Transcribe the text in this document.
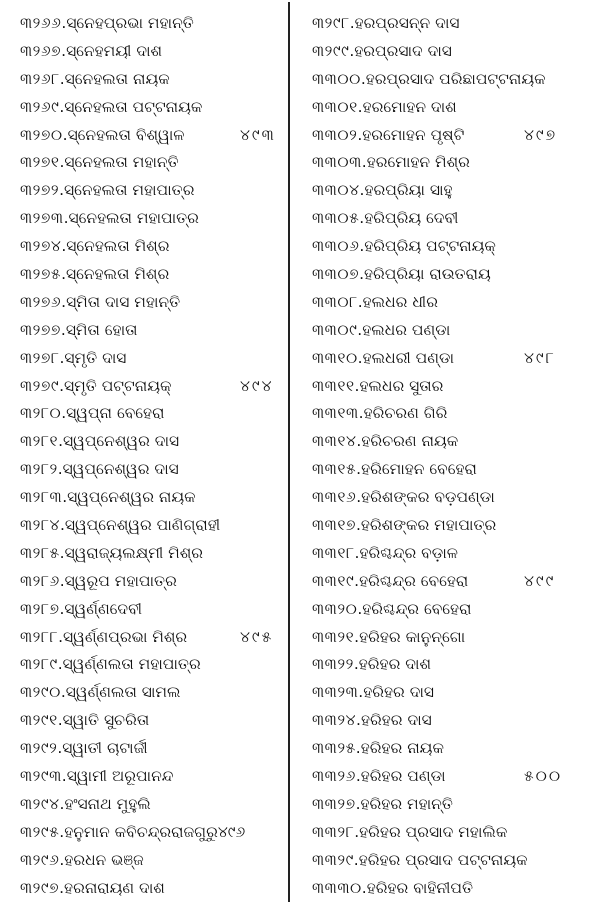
୩୨୬୬.ସ୍ନେହପ୍ରଭା ମହାନ୍ତି
୩୨୬୭.ସ୍ନେହମୟୀ ଦାଶ
୩୨୬୮.ସ୍ନେହଲତା ନାୟକ
୩୨୬୯.ସ୍ନେହଲତା ପଟ୍ଟନାୟକ
୩୨୭୦.ସ୍ନେହଲତା ବିଶ୍ୱାଳ	୪୯୩
୩୨୭୧.ସ୍ନେହଲତା ମହାନ୍ତି
୩୨୭୨.ସ୍ନେହଲତା ମହାପାତ୍ର
୩୨୭୩.ସ୍ନେହଲତା ମହାପାତ୍ର
୩୨୭୪.ସ୍ନେହଲତା ମିଶ୍ର
୩୨୭୫.ସ୍ନେହଲତା ମିଶ୍ର
୩୨୭୬.ସ୍ମିତା ଦାସ ମହାନ୍ତି
୩୨୭୭.ସ୍ମିତା ହୋତା
୩୨୭୮.ସ୍ମୃତି ଦାସ
୩୨୭୯.ସ୍ମୃତି ପଟ୍ଟନାୟକ୍	୪୯୪
୩୨୮୦.ସ୍ୱପ୍ନା ବେହେରା
୩୨୮୧.ସ୍ୱପ୍ନେଶ୍ୱର ଦାସ
୩୨୮୨.ସ୍ୱପ୍ନେଶ୍ୱର ଦାସ
୩୨୮୩.ସ୍ୱପ୍ନେଶ୍ୱର ନାୟକ
୩୨୮୪.ସ୍ୱପ୍ନେଶ୍ୱର ପାଣିଗ୍ରାହୀ
୩୨୮୫.ସ୍ୱରାଜ୍ୟଲକ୍ଷ୍ମୀ ମିଶ୍ର
୩୨୮୬.ସ୍ୱରୂପ ମହାପାତ୍ର
୩୨୮୭.ସ୍ୱର୍ଣ୍ଣଦେବୀ
୩୨୮୮.ସ୍ୱର୍ଣ୍ଣପ୍ରଭା ମିଶ୍ର	୪୯୫
୩୨୮୯.ସ୍ୱର୍ଣ୍ଣଲତା ମହାପାତ୍ର
୩୨୯୦.ସ୍ୱର୍ଣ୍ଣଲତା ସାମଲ
୩୨୯୧.ସ୍ୱାତି ସୁଚରିତା
୩୨୯୨.ସ୍ୱାତୀ ଚାଟାର୍ଜୀ
୩୨୯୩.ସ୍ୱାମୀ ଅରୂପାନନ୍ଦ
୩୨୯୪.ହଂସନାଥ ମୁହୁଲି
୩୨୯୫.ହନୁମାନ କବିଚନ୍ଦ୍ରରାଜଗୁରୁ୪୯୬
୩୨୯୬.ହରଧନ ଭଞ୍ଜ
୩୨୯୭.ହରନାରାୟଣ ଦାଶ
୩୨୯୮.ହରପ୍ରସନ୍ନ ଦାସ
୩୨୯୯.ହରପ୍ରସାଦ ଦାସ
୩୩୦୦.ହରପ୍ରସାଦ ପରିଛାପଟ୍ଟନାୟକ
୩୩୦୧.ହରମୋହନ ଦାଶ
୩୩୦୨.ହରମୋହନ ପୃଷ୍ଟି	୪୯୭
୩୩୦୩.ହରମୋହନ ମିଶ୍ର
୩୩୦୪.ହରପ୍ରିୟା ସାହୁ
୩୩୦୫.ହରିପ୍ରିୟ ଦେବୀ
୩୩୦୬.ହରିପ୍ରିୟ ପଟ୍ଟନାୟକ୍
୩୩୦୭.ହରିପ୍ରିୟା ରାଉତରାୟ
୩୩୦୮.ହଲଧର ଧୀର
୩୩୦୯.ହଲଧର ପଣ୍ଡା
୩୩୧୦.ହଲଧରୀ ପଣ୍ଡା	୪୯୮
୩୩୧୧.ହଲଧର ସୁତାର
୩୩୧୩.ହରିଚରଣ ଗିରି
୩୩୧୪.ହରିଚରଣ ନାୟକ
୩୩୧୫.ହରିମୋହନ ବେହେରା
୩୩୧୬.ହରିଶଙ୍କର ବଡ଼ପଣ୍ଡା
୩୩୧୭.ହରିଶଙ୍କର ମହାପାତ୍ର
୩୩୧୮.ହରିଶ୍ଚନ୍ଦ୍ର ବଡ଼ାଳ
୩୩୧୯.ହରିଶ୍ଚନ୍ଦ୍ର ବେହେରା	୪୯୯
୩୩୨୦.ହରିଶ୍ଚନ୍ଦ୍ର ବେହେରା
୩୩୨୧.ହରିହର କାନୁନ୍‌ଗୋ
୩୩୨୨.ହରିହର ଦାଶ
୩୩୨୩.ହରିହର ଦାସ
୩୩୨୪.ହରିହର ଦାସ
୩୩୨୫.ହରିହର ନାୟକ
୩୩୨୬.ହରିହର ପଣ୍ଡା	୫୦୦
୩୩୨୭.ହରିହର ମହାନ୍ତି
୩୩୨୮.ହରିହର ପ୍ରସାଦ ମହାଲିକ
୩୩୨୯.ହରିହର ପ୍ରସାଦ ପଟ୍ଟନାୟକ
୩୩୩୦.ହରିହର ବାହିନୀପତି
